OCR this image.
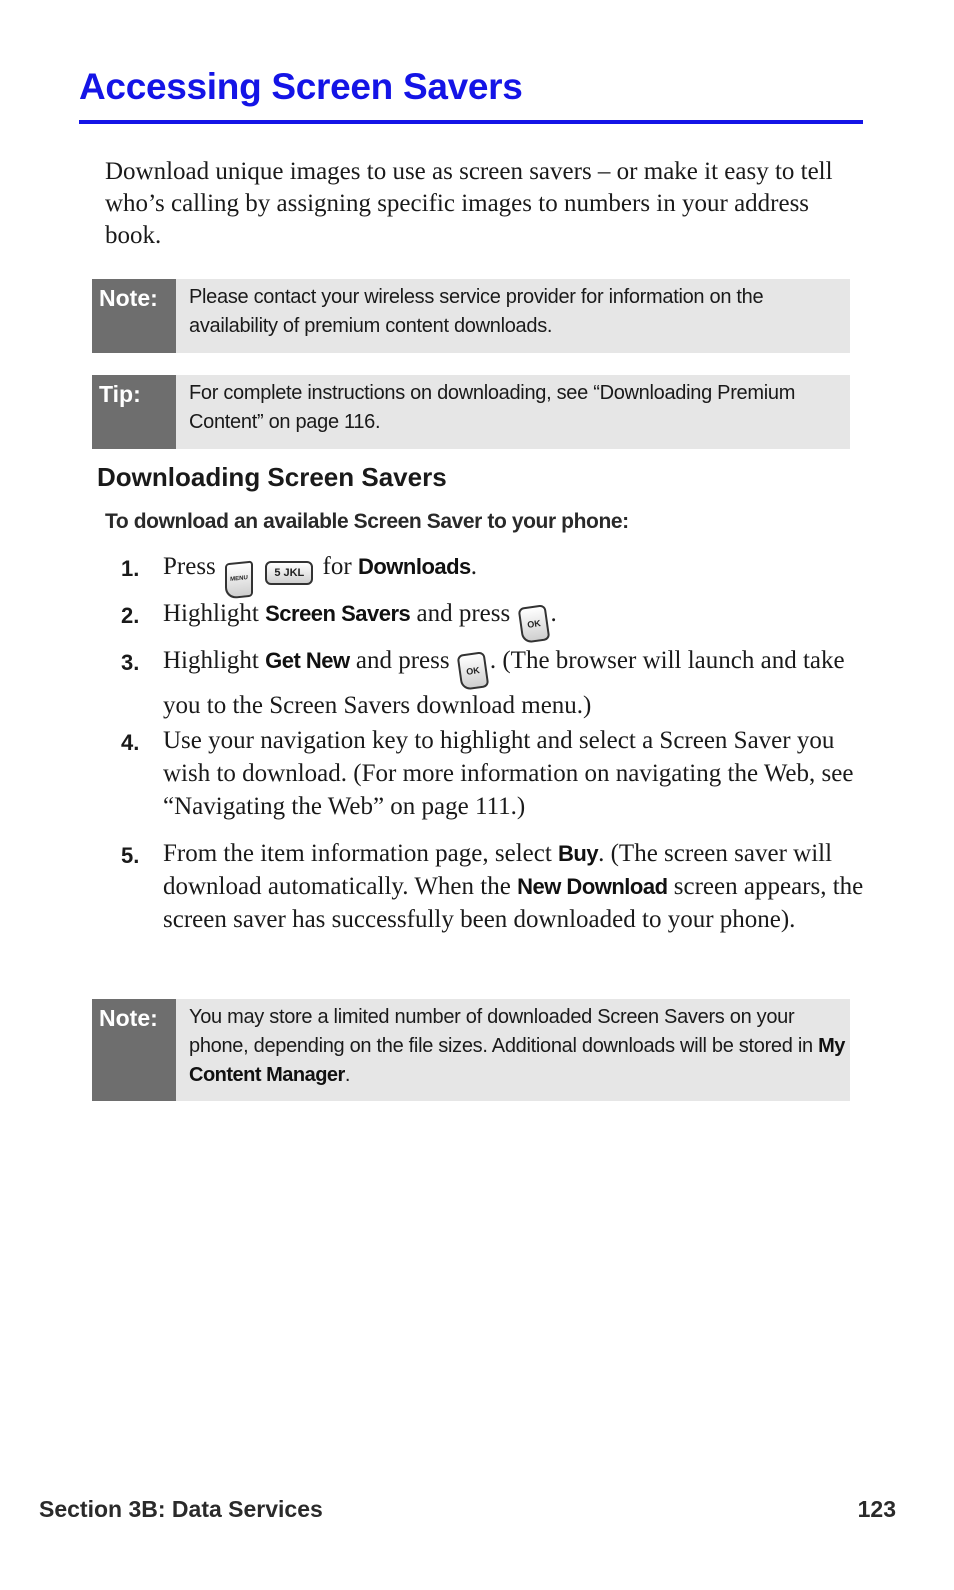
Accessing Screen Savers

Download unique images to use as screen savers – or make it easy to tell who’s calling by assigning specific images to numbers in your address book.

Note:	Please contact your wireless service provider for information on the availability of premium content downloads.
Tip:	For complete instructions on downloading, see “Downloading Premium Content” on page 116.
Downloading Screen Savers

To download an available Screen Saver to your phone:

1. Press MENU 5 JKL for Downloads.
2. Highlight Screen Savers and press OK .
3. Highlight Get New and press OK . (The browser will launch and take you to the Screen Savers download menu.)
4. Use your navigation key to highlight and select a Screen Saver you wish to download. (For more information on navigating the Web, see “Navigating the Web” on page 111.)
5. From the item information page, select Buy. (The screen saver will download automatically. When the New Download screen appears, the screen saver has successfully been downloaded to your phone).
Note:	You may store a limited number of downloaded Screen Savers on your phone, depending on the file sizes. Additional downloads will be stored in My Content Manager.

Section 3B: Data Services	123
